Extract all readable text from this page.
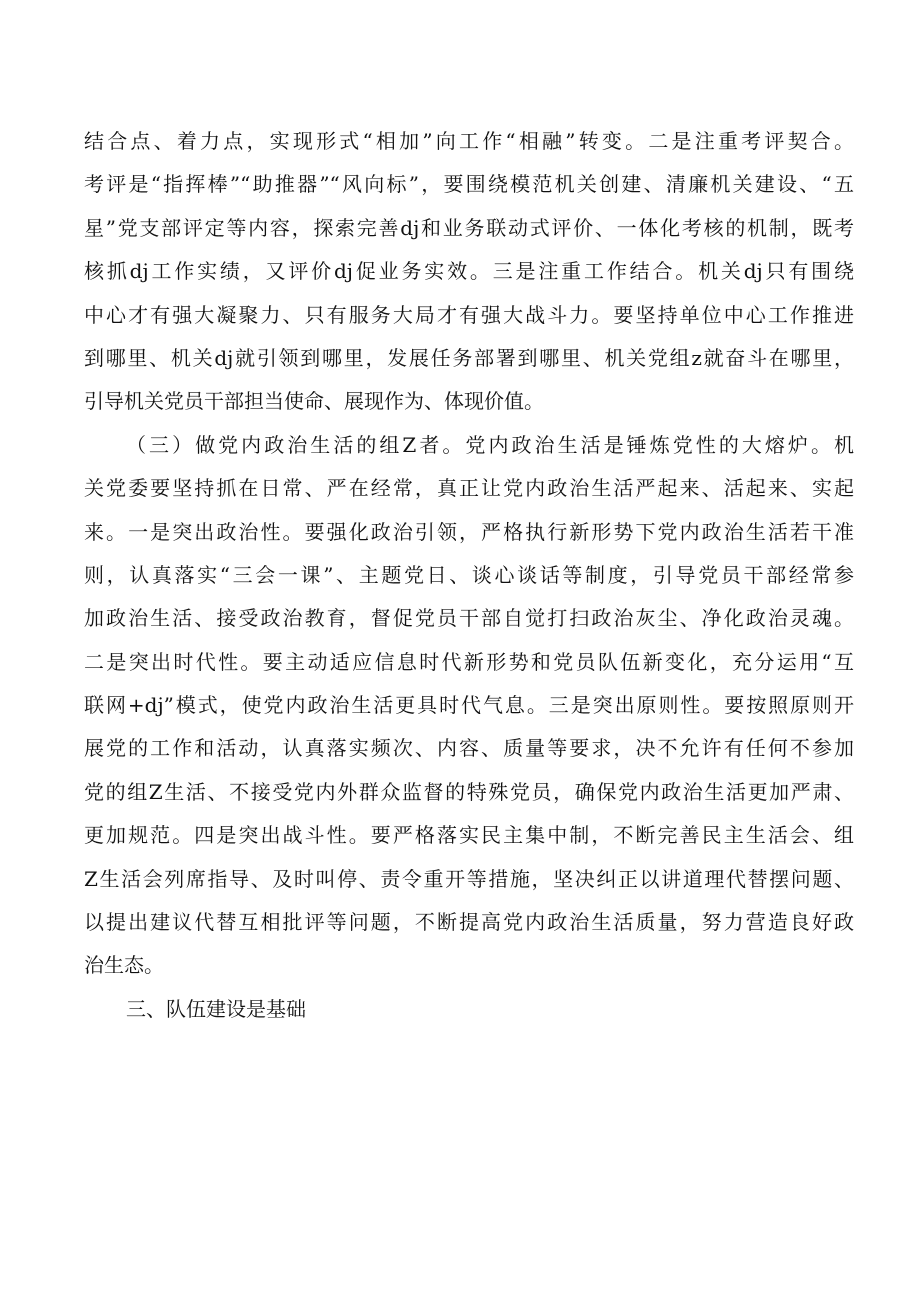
结合点、着力点，实现形式“相加”向工作“相融”转变。二是注重考评契合。
考评是“指挥棒”“助推器”“风向标”，要围绕模范机关创建、清廉机关建设、“五
星”党支部评定等内容，探索完善dj和业务联动式评价、一体化考核的机制，既考
核抓dj工作实绩，又评价dj促业务实效。三是注重工作结合。机关dj只有围绕
中心才有强大凝聚力、只有服务大局才有强大战斗力。要坚持单位中心工作推进
到哪里、机关dj就引领到哪里，发展任务部署到哪里、机关党组z就奋斗在哪里，
引导机关党员干部担当使命、展现作为、体现价值。
（三）做党内政治生活的组Z者。党内政治生活是锤炼党性的大熔炉。机
关党委要坚持抓在日常、严在经常，真正让党内政治生活严起来、活起来、实起
来。一是突出政治性。要强化政治引领，严格执行新形势下党内政治生活若干准
则，认真落实“三会一课”、主题党日、谈心谈话等制度，引导党员干部经常参
加政治生活、接受政治教育，督促党员干部自觉打扫政治灰尘、净化政治灵魂。
二是突出时代性。要主动适应信息时代新形势和党员队伍新变化，充分运用“互
联网+dj”模式，使党内政治生活更具时代气息。三是突出原则性。要按照原则开
展党的工作和活动，认真落实频次、内容、质量等要求，决不允许有任何不参加
党的组Z生活、不接受党内外群众监督的特殊党员，确保党内政治生活更加严肃、
更加规范。四是突出战斗性。要严格落实民主集中制，不断完善民主生活会、组
Z生活会列席指导、及时叫停、责令重开等措施，坚决纠正以讲道理代替摆问题、
以提出建议代替互相批评等问题，不断提高党内政治生活质量，努力营造良好政
治生态。
三、队伍建设是基础
